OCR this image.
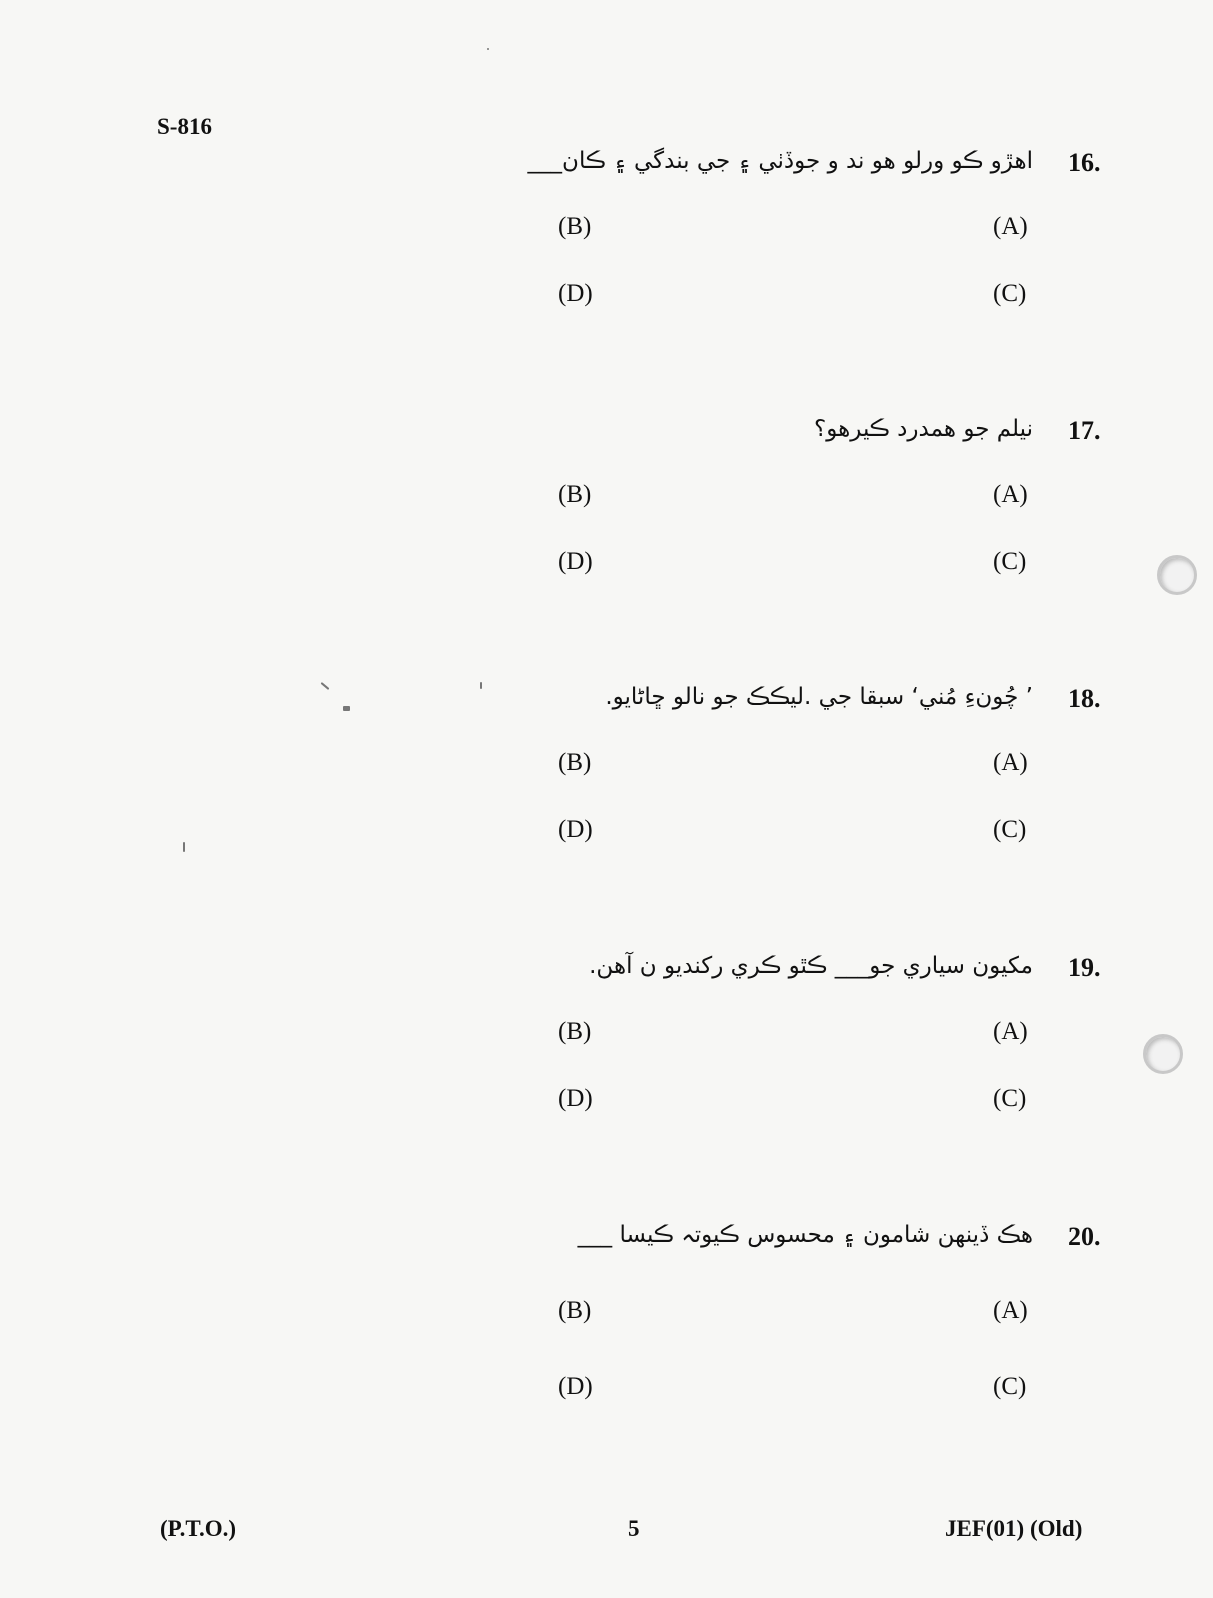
S-816
16.
اهڙو ڪو ورلو هو ند و جوڏٺي ۽ جي بندگي ۽ ڪان___
(A)
(B)
(C)
(D)
17.
نيلم جو همدرد ڪيرهو؟
(A)
(B)
(C)
(D)
18.
’ چُونءِ مُني‘ سبقا جي .ليڪڪ جو نالو ڇاڻايو.
(A)
(B)
(C)
(D)
19.
مکيون سياري جو___ ڪٿو ڪري رکنديو ن آهن.
(A)
(B)
(C)
(D)
20.
هڪ ڏينهن شامون ۽ محسوس ڪيوتہ ڪيسا ___
(A)
(B)
(C)
(D)
(P.T.O.)	5	JEF(01) (Old)
